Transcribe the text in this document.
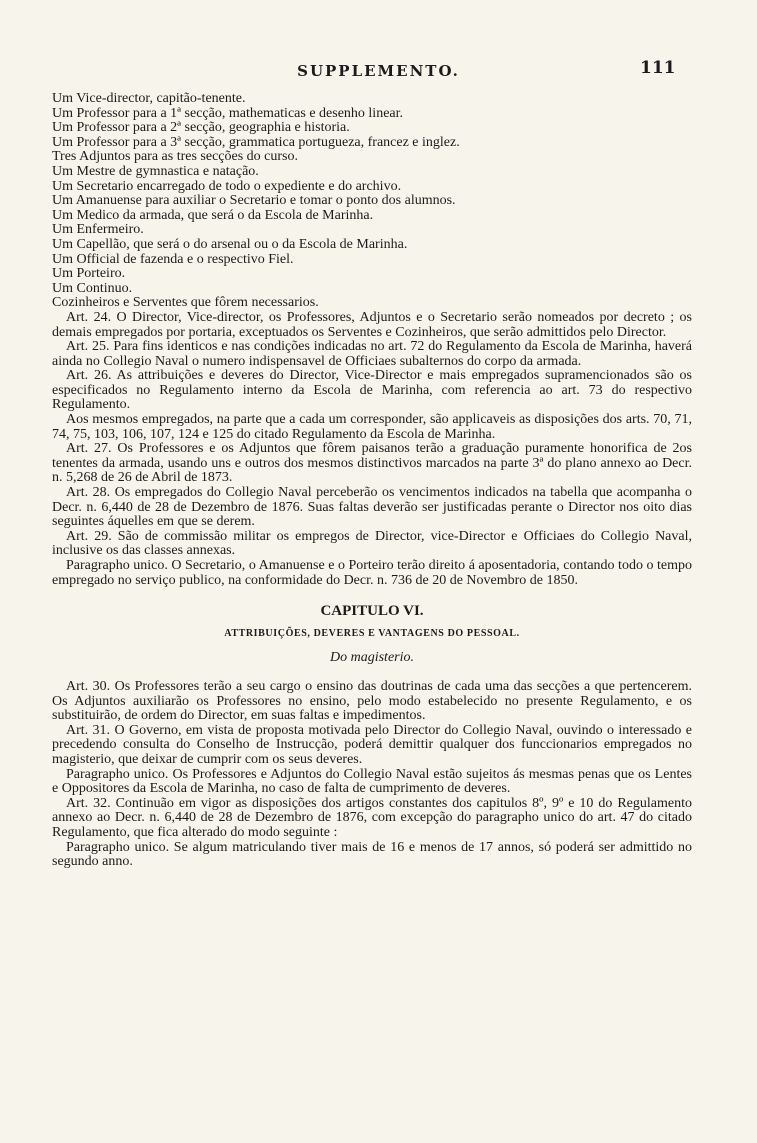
SUPPLEMENTO.	111
Um Vice-director, capitão-tenente.
Um Professor para a 1ª secção, mathematicas e desenho linear.
Um Professor para a 2ª secção, geographia e historia.
Um Professor para a 3ª secção, grammatica portugueza, francez e inglez.
Tres Adjuntos para as tres secções do curso.
Um Mestre de gymnastica e natação.
Um Secretario encarregado de todo o expediente e do archivo.
Um Amanuense para auxiliar o Secretario e tomar o ponto dos alumnos.
Um Medico da armada, que será o da Escola de Marinha.
Um Enfermeiro.
Um Capellão, que será o do arsenal ou o da Escola de Marinha.
Um Official de fazenda e o respectivo Fiel.
Um Porteiro.
Um Continuo.
Cozinheiros e Serventes que fôrem necessarios.

Art. 24. O Director, Vice-director, os Professores, Adjuntos e o Secretario serão nomeados por decreto ; os demais empregados por portaria, exceptuados os Serventes e Cozinheiros, que serão admittidos pelo Director.

Art. 25. Para fins identicos e nas condições indicadas no art. 72 do Regulamento da Escola de Marinha, haverá ainda no Collegio Naval o numero indispensavel de Officiaes subalternos do corpo da armada.

Art. 26. As attribuições e deveres do Director, Vice-Director e mais empregados supramencionados são os especificados no Regulamento interno da Escola de Marinha, com referencia ao art. 73 do respectivo Regulamento.

Aos mesmos empregados, na parte que a cada um corresponder, são applicaveis as disposições dos arts. 70, 71, 74, 75, 103, 106, 107, 124 e 125 do citado Regulamento da Escola de Marinha.

Art. 27. Os Professores e os Adjuntos que fôrem paisanos terão a graduação puramente honorifica de 2os tenentes da armada, usando uns e outros dos mesmos distinctivos marcados na parte 3ª do plano annexo ao Decr. n. 5,268 de 26 de Abril de 1873.

Art. 28. Os empregados do Collegio Naval perceberão os vencimentos indicados na tabella que acompanha o Decr. n. 6,440 de 28 de Dezembro de 1876. Suas faltas deverão ser justificadas perante o Director nos oito dias seguintes áquelles em que se derem.

Art. 29. São de commissão militar os empregos de Director, vice-Director e Officiaes do Collegio Naval, inclusive os das classes annexas.

Paragrapho unico. O Secretario, o Amanuense e o Porteiro terão direito á aposentadoria, contando todo o tempo empregado no serviço publico, na conformidade do Decr. n. 736 de 20 de Novembro de 1850.

CAPITULO VI.
ATTRIBUIÇÕES, DEVERES E VANTAGENS DO PESSOAL.
Do magisterio.

Art. 30. Os Professores terão a seu cargo o ensino das doutrinas de cada uma das secções a que pertencerem. Os Adjuntos auxiliarão os Professores no ensino, pelo modo estabelecido no presente Regulamento, e os substituirão, de ordem do Director, em suas faltas e impedimentos.

Art. 31. O Governo, em vista de proposta motivada pelo Director do Collegio Naval, ouvindo o interessado e precedendo consulta do Conselho de Instrucção, poderá demittir qualquer dos funccionarios empregados no magisterio, que deixar de cumprir com os seus deveres.

Paragrapho unico. Os Professores e Adjuntos do Collegio Naval estão sujeitos ás mesmas penas que os Lentes e Oppositores da Escola de Marinha, no caso de falta de cumprimento de deveres.

Art. 32. Continuão em vigor as disposições dos artigos constantes dos capitulos 8º, 9º e 10 do Regulamento annexo ao Decr. n. 6,440 de 28 de Dezembro de 1876, com excepção do paragrapho unico do art. 47 do citado Regulamento, que fica alterado do modo seguinte :

Paragrapho unico. Se algum matriculando tiver mais de 16 e menos de 17 annos, só poderá ser admittido no segundo anno.
